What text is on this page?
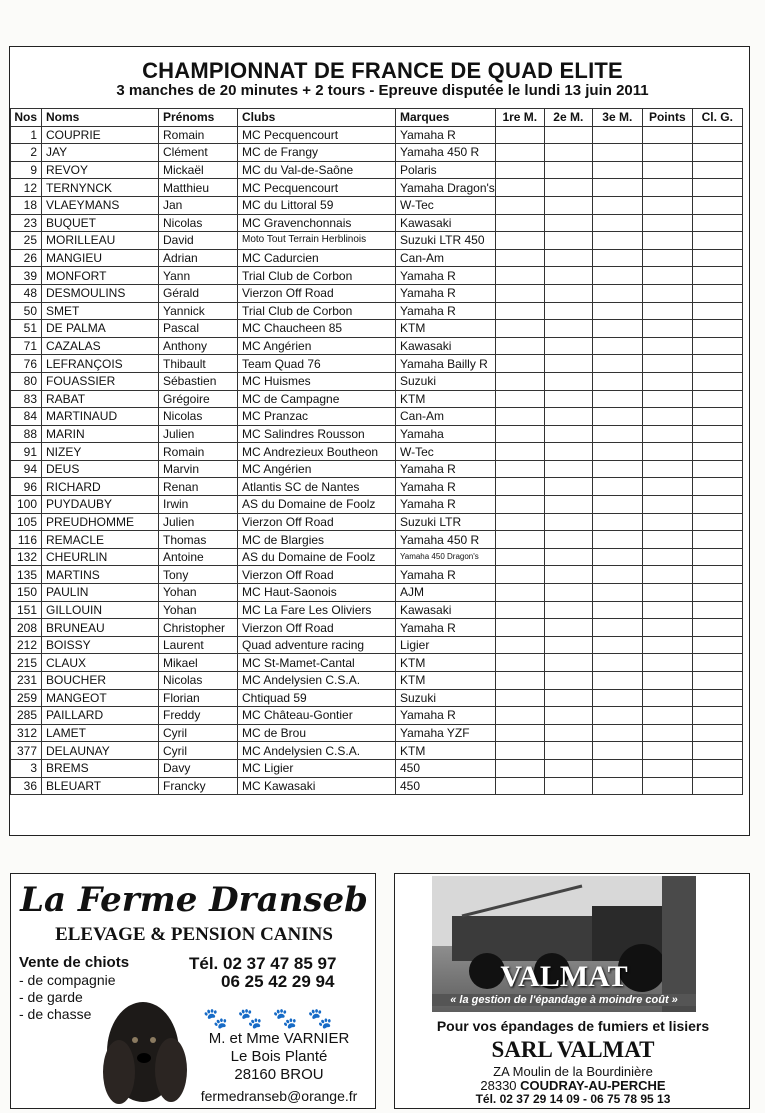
CHAMPIONNAT DE FRANCE DE QUAD ELITE
3 manches de 20 minutes + 2 tours - Epreuve disputée le lundi 13 juin 2011
Nos	Noms	Prénoms	Clubs	Marques	1re M.	2e M.	3e M.	Points	Cl. G.
1	COUPRIE	Romain	MC Pecquencourt	Yamaha R					
2	JAY	Clément	MC de Frangy	Yamaha 450 R					
9	REVOY	Mickaël	MC du Val-de-Saône	Polaris					
12	TERNYNCK	Matthieu	MC Pecquencourt	Yamaha Dragon's					
18	VLAEYMANS	Jan	MC du Littoral 59	W-Tec					
23	BUQUET	Nicolas	MC Gravenchonnais	Kawasaki					
25	MORILLEAU	David	Moto Tout Terrain Herblinois	Suzuki LTR 450					
26	MANGIEU	Adrian	MC Cadurcien	Can-Am					
39	MONFORT	Yann	Trial Club de Corbon	Yamaha R					
48	DESMOULINS	Gérald	Vierzon Off Road	Yamaha R					
50	SMET	Yannick	Trial Club de Corbon	Yamaha R					
51	DE PALMA	Pascal	MC Chaucheen 85	KTM					
71	CAZALAS	Anthony	MC Angérien	Kawasaki					
76	LEFRANÇOIS	Thibault	Team Quad 76	Yamaha Bailly R					
80	FOUASSIER	Sébastien	MC Huismes	Suzuki					
83	RABAT	Grégoire	MC de Campagne	KTM					
84	MARTINAUD	Nicolas	MC Pranzac	Can-Am					
88	MARIN	Julien	MC Salindres Rousson	Yamaha					
91	NIZEY	Romain	MC Andrezieux Boutheon	W-Tec					
94	DEUS	Marvin	MC Angérien	Yamaha R					
96	RICHARD	Renan	Atlantis SC de Nantes	Yamaha R					
100	PUYDAUBY	Irwin	AS du Domaine de Foolz	Yamaha R					
105	PREUDHOMME	Julien	Vierzon Off Road	Suzuki LTR					
116	REMACLE	Thomas	MC de Blargies	Yamaha 450 R					
132	CHEURLIN	Antoine	AS du Domaine de Foolz	Yamaha 450 Dragon's					
135	MARTINS	Tony	Vierzon Off Road	Yamaha R					
150	PAULIN	Yohan	MC Haut-Saonois	AJM					
151	GILLOUIN	Yohan	MC La Fare Les Oliviers	Kawasaki					
208	BRUNEAU	Christopher	Vierzon Off Road	Yamaha R					
212	BOISSY	Laurent	Quad adventure racing	Ligier					
215	CLAUX	Mikael	MC St-Mamet-Cantal	KTM					
231	BOUCHER	Nicolas	MC Andelysien C.S.A.	KTM					
259	MANGEOT	Florian	Chtiquad 59	Suzuki					
285	PAILLARD	Freddy	MC Château-Gontier	Yamaha R					
312	LAMET	Cyril	MC de Brou	Yamaha YZF					
377	DELAUNAY	Cyril	MC Andelysien C.S.A.	KTM					
3	BREMS	Davy	MC Ligier	450					
36	BLEUART	Francky	MC Kawasaki	450					
La Ferme Dranseb
ELEVAGE & PENSION CANINS
Vente de chiots
- de compagnie
- de garde
- de chasse
Tél. 02 37 47 85 97
06 25 42 29 94
🐾🐾🐾🐾
M. et Mme VARNIER
Le Bois Planté
28160 BROU
fermedranseb@orange.fr
VALMAT
« la gestion de l'épandage à moindre coût »
Pour vos épandages de fumiers et lisiers
SARL VALMAT
ZA Moulin de la Bourdinière
28330 COUDRAY-AU-PERCHE
Tél. 02 37 29 14 09 - 06 75 78 95 13
